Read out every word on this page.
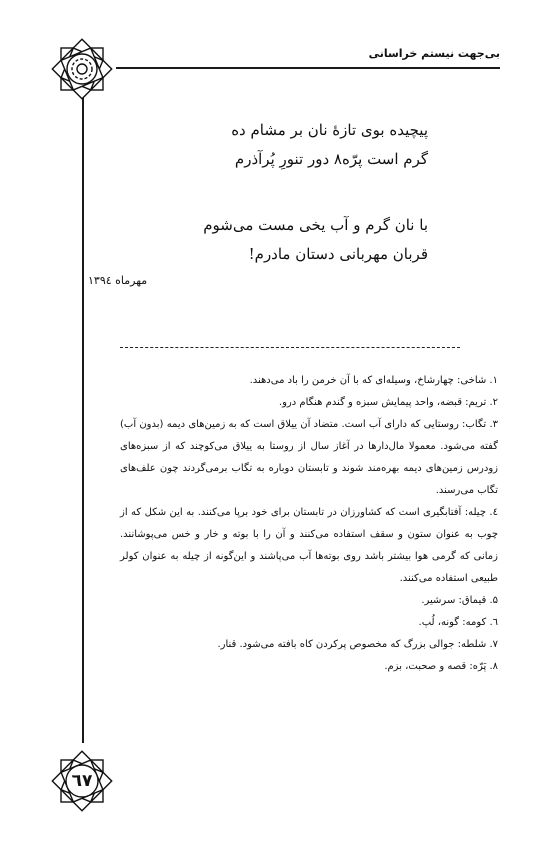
٦٧
بی‌جهت نیستم خراسانی
پیچیده بوی تازهٔ نان بر مشام ده
گرم است پرّه۸ دور تنورِ پُرآذرم
با نان گرم و آب یخی مست می‌شوم
قربان مهربانی دستان مادرم!
مهرماه ۱۳۹٤

۱. شاخی: چهارشاخ، وسیله‌ای که با آن خرمن را باد می‌دهند.

۲. تریم: قبضه، واحد پیمایش سبزه و گندم هنگام درو.

۳. تگاب: روستایی که دارای آب است. متضاد آن ییلاق است که به زمین‌های دیمه (بدون آب) گفته می‌شود. معمولا مال‌دارها در آغاز سال از روستا به ییلاق می‌کوچند که از سبزه‌های زودرس زمین‌های دیمه بهره‌مند شوند و تابستان دوباره به تگاب برمی‌گردند چون علف‌های تگاب می‌رسند.

٤. چیله: آفتابگیری است که کشاورزان در تابستان برای خود برپا می‌کنند. به این شکل که از چوب به عنوان ستون و سقف استفاده می‌کنند و آن را با بوته و خار و خس می‌پوشانند. زمانی که گرمی هوا بیشتر باشد روی بوته‌ها آب می‌پاشند و این‌گونه از چیله به عنوان کولر طبیعی استفاده می‌کنند.

۵. قیماق: سرشیر.

٦. کومه: گونه، لُپ.

۷. شلطه: جوالی بزرگ که مخصوص پرکردن کاه بافته می‌شود. قنار.

۸. پَرّه: قصه و صحبت، بزم.
